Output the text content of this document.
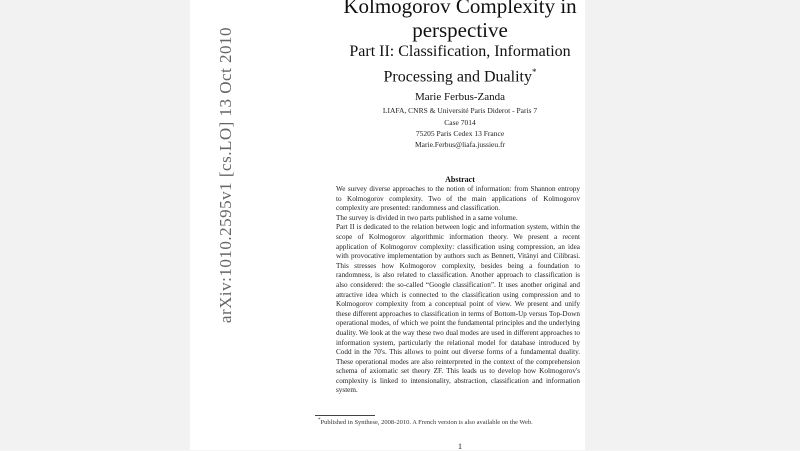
arXiv:1010.2595v1 [cs.LO] 13 Oct 2010
Kolmogorov Complexity in
perspective
Part II: Classification, Information
Processing and Duality*
Marie Ferbus-Zanda
LIAFA, CNRS & Université Paris Diderot - Paris 7
Case 7014
75205 Paris Cedex 13 France
Marie.Ferbus@liafa.jussieu.fr
Abstract

We survey diverse approaches to the notion of information: from Shannon entropy to Kolmogorov complexity. Two of the main applications of Kolmogorov complexity are presented: randomness and classification.

The survey is divided in two parts published in a same volume.

Part II is dedicated to the relation between logic and information system, within the scope of Kolmogorov algorithmic information theory. We present a recent application of Kolmogorov complexity: classification using compression, an idea with provocative implementation by authors such as Bennett, Vitányi and Cilibrasi. This stresses how Kolmogorov complexity, besides being a foundation to randomness, is also related to classification. Another approach to classification is also considered: the so-called “Google classification”. It uses another original and attractive idea which is connected to the classification using compression and to Kolmogorov complexity from a conceptual point of view. We present and unify these different approaches to classification in terms of Bottom-Up versus Top-Down operational modes, of which we point the fundamental principles and the underlying duality. We look at the way these two dual modes are used in different approaches to information system, particularly the relational model for database introduced by Codd in the 70's. This allows to point out diverse forms of a fundamental duality. These operational modes are also reinterpreted in the context of the comprehension schema of axiomatic set theory ZF. This leads us to develop how Kolmogorov's complexity is linked to intensionality, abstraction, classification and information system.

*Published in Synthese, 2008-2010. A French version is also available on the Web.
1
